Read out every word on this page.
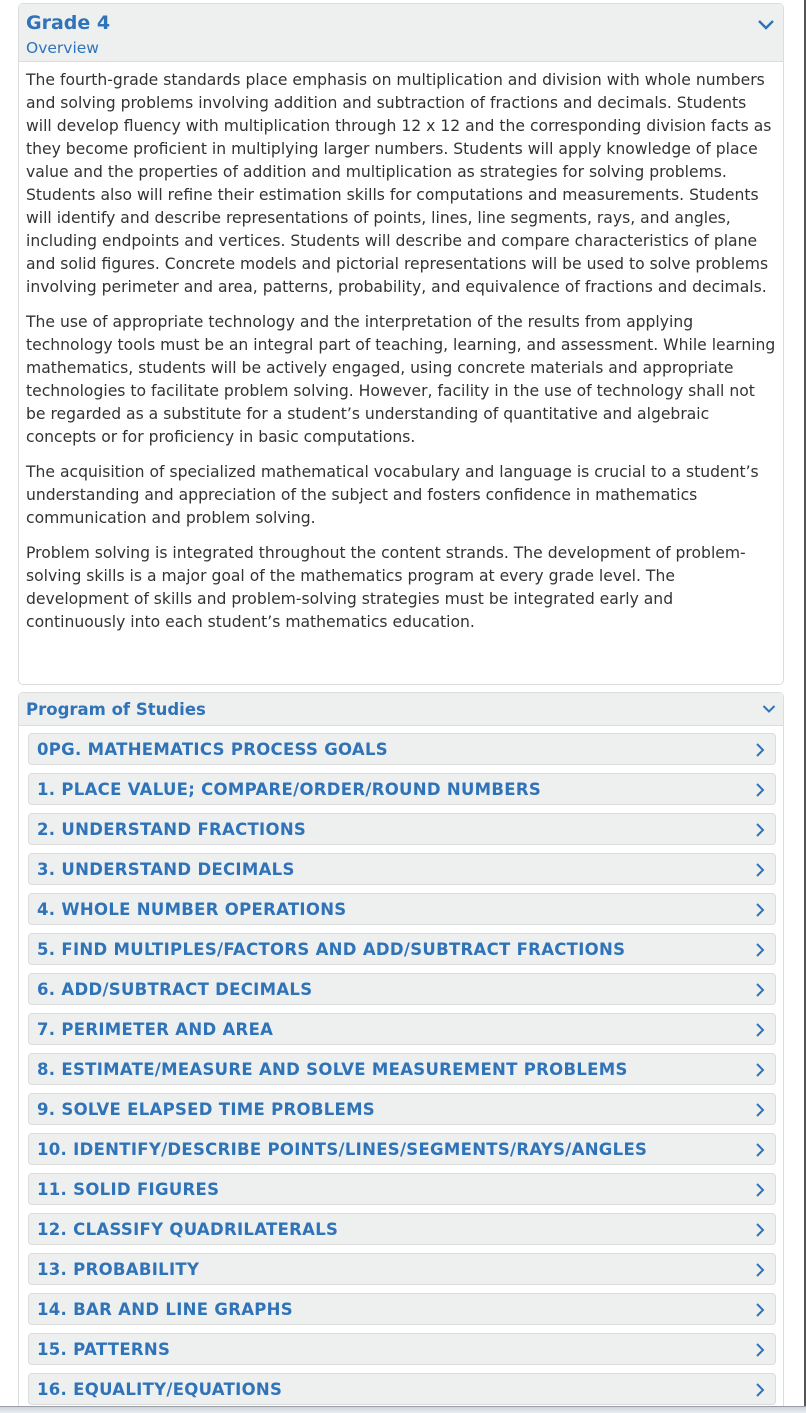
Grade 4
Overview

The fourth-grade standards place emphasis on multiplication and division with whole numbers and solving problems involving addition and subtraction of fractions and decimals. Students will develop fluency with multiplication through 12 x 12 and the corresponding division facts as they become proficient in multiplying larger numbers. Students will apply knowledge of place value and the properties of addition and multiplication as strategies for solving problems. Students also will refine their estimation skills for computations and measurements. Students will identify and describe representations of points, lines, line segments, rays, and angles, including endpoints and vertices. Students will describe and compare characteristics of plane and solid figures. Concrete models and pictorial representations will be used to solve problems involving perimeter and area, patterns, probability, and equivalence of fractions and decimals.

The use of appropriate technology and the interpretation of the results from applying technology tools must be an integral part of teaching, learning, and assessment. While learning mathematics, students will be actively engaged, using concrete materials and appropriate technologies to facilitate problem solving. However, facility in the use of technology shall not be regarded as a substitute for a student’s understanding of quantitative and algebraic concepts or for proficiency in basic computations.

The acquisition of specialized mathematical vocabulary and language is crucial to a student’s understanding and appreciation of the subject and fosters confidence in mathematics communication and problem solving.

Problem solving is integrated throughout the content strands. The development of problem-solving skills is a major goal of the mathematics program at every grade level. The development of skills and problem-solving strategies must be integrated early and continuously into each student’s mathematics education.

Program of Studies
0PG. MATHEMATICS PROCESS GOALS
1. PLACE VALUE; COMPARE/ORDER/ROUND NUMBERS
2. UNDERSTAND FRACTIONS
3. UNDERSTAND DECIMALS
4. WHOLE NUMBER OPERATIONS
5. FIND MULTIPLES/FACTORS AND ADD/SUBTRACT FRACTIONS
6. ADD/SUBTRACT DECIMALS
7. PERIMETER AND AREA
8. ESTIMATE/MEASURE AND SOLVE MEASUREMENT PROBLEMS
9. SOLVE ELAPSED TIME PROBLEMS
10. IDENTIFY/DESCRIBE POINTS/LINES/SEGMENTS/RAYS/ANGLES
11. SOLID FIGURES
12. CLASSIFY QUADRILATERALS
13. PROBABILITY
14. BAR AND LINE GRAPHS
15. PATTERNS
16. EQUALITY/EQUATIONS
